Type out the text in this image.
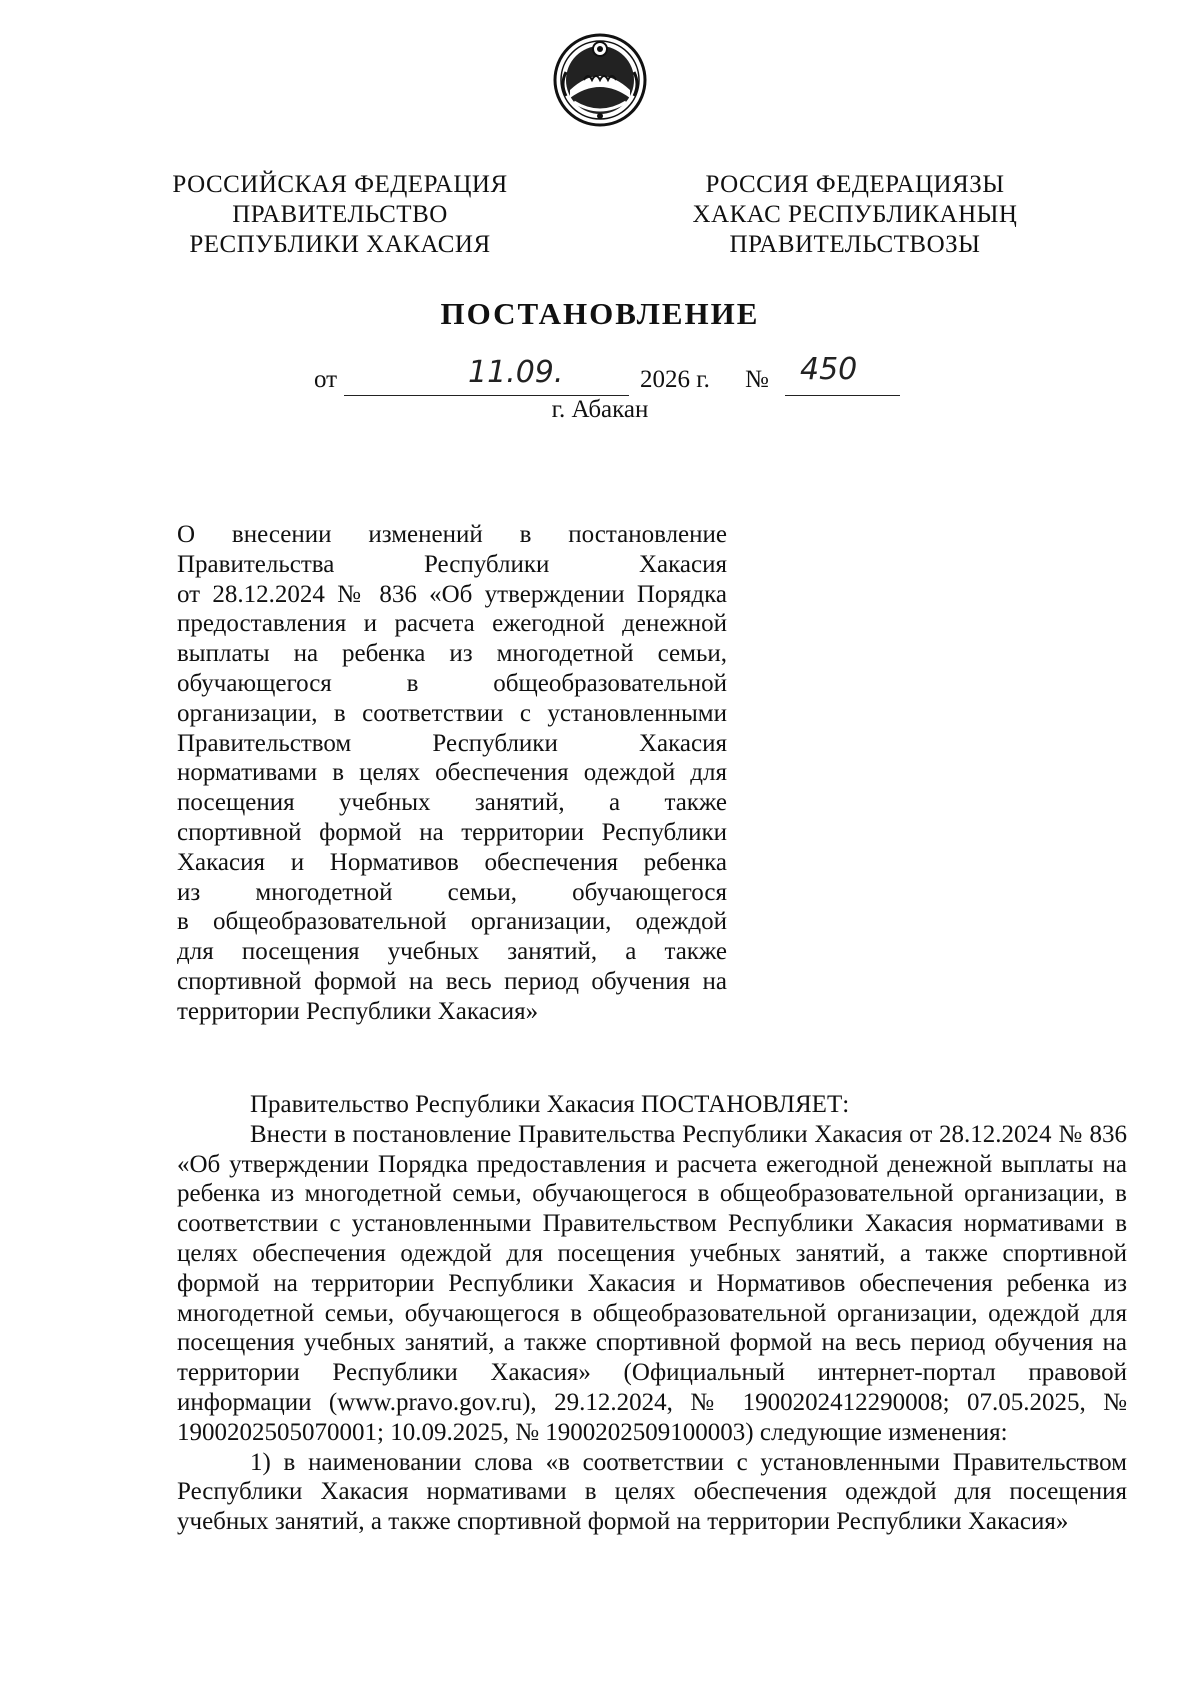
РОССИЙСКАЯ ФЕДЕРАЦИЯ
ПРАВИТЕЛЬСТВО
РЕСПУБЛИКИ ХАКАСИЯ
РОССИЯ ФЕДЕРАЦИЯЗЫ
ХАКАС РЕСПУБЛИКАНЫҢ
ПРАВИТЕЛЬСТВОЗЫ
ПОСТАНОВЛЕНИЕ
от	11.09.	2026 г. № 450
г. Абакан

О внесении изменений в постановление

Правительства Республики Хакасия

от 28.12.2024 № 836 «Об утверждении Порядка

предоставления и расчета ежегодной денежной

выплаты на ребенка из многодетной семьи,

обучающегося в общеобразовательной

организации, в соответствии с установленными

Правительством Республики Хакасия

нормативами в целях обеспечения одеждой для

посещения учебных занятий, а также

спортивной формой на территории Республики

Хакасия и Нормативов обеспечения ребенка

из многодетной семьи, обучающегося

в общеобразовательной организации, одеждой

для посещения учебных занятий, а также

спортивной формой на весь период обучения на

территории Республики Хакасия»

Правительство Республики Хакасия ПОСТАНОВЛЯЕТ:

Внести в постановление Правительства Республики Хакасия от 28.12.2024 № 836 «Об утверждении Порядка предоставления и расчета ежегодной денежной выплаты на ребенка из многодетной семьи, обучающегося в общеобразовательной организации, в соответствии с установленными Правительством Республики Хакасия нормативами в целях обеспечения одеждой для посещения учебных занятий, а также спортивной формой на территории Республики Хакасия и Нормативов обеспечения ребенка из многодетной семьи, обучающегося в общеобразовательной организации, одеждой для посещения учебных занятий, а также спортивной формой на весь период обучения на территории Республики Хакасия» (Официальный интернет-портал правовой информации (www.pravo.gov.ru), 29.12.2024, № 1900202412290008; 07.05.2025, № 1900202505070001; 10.09.2025, № 1900202509100003) следующие изменения:

1) в наименовании слова «в соответствии с установленными Правительством Республики Хакасия нормативами в целях обеспечения одеждой для посещения учебных занятий, а также спортивной формой на территории Республики Хакасия»
